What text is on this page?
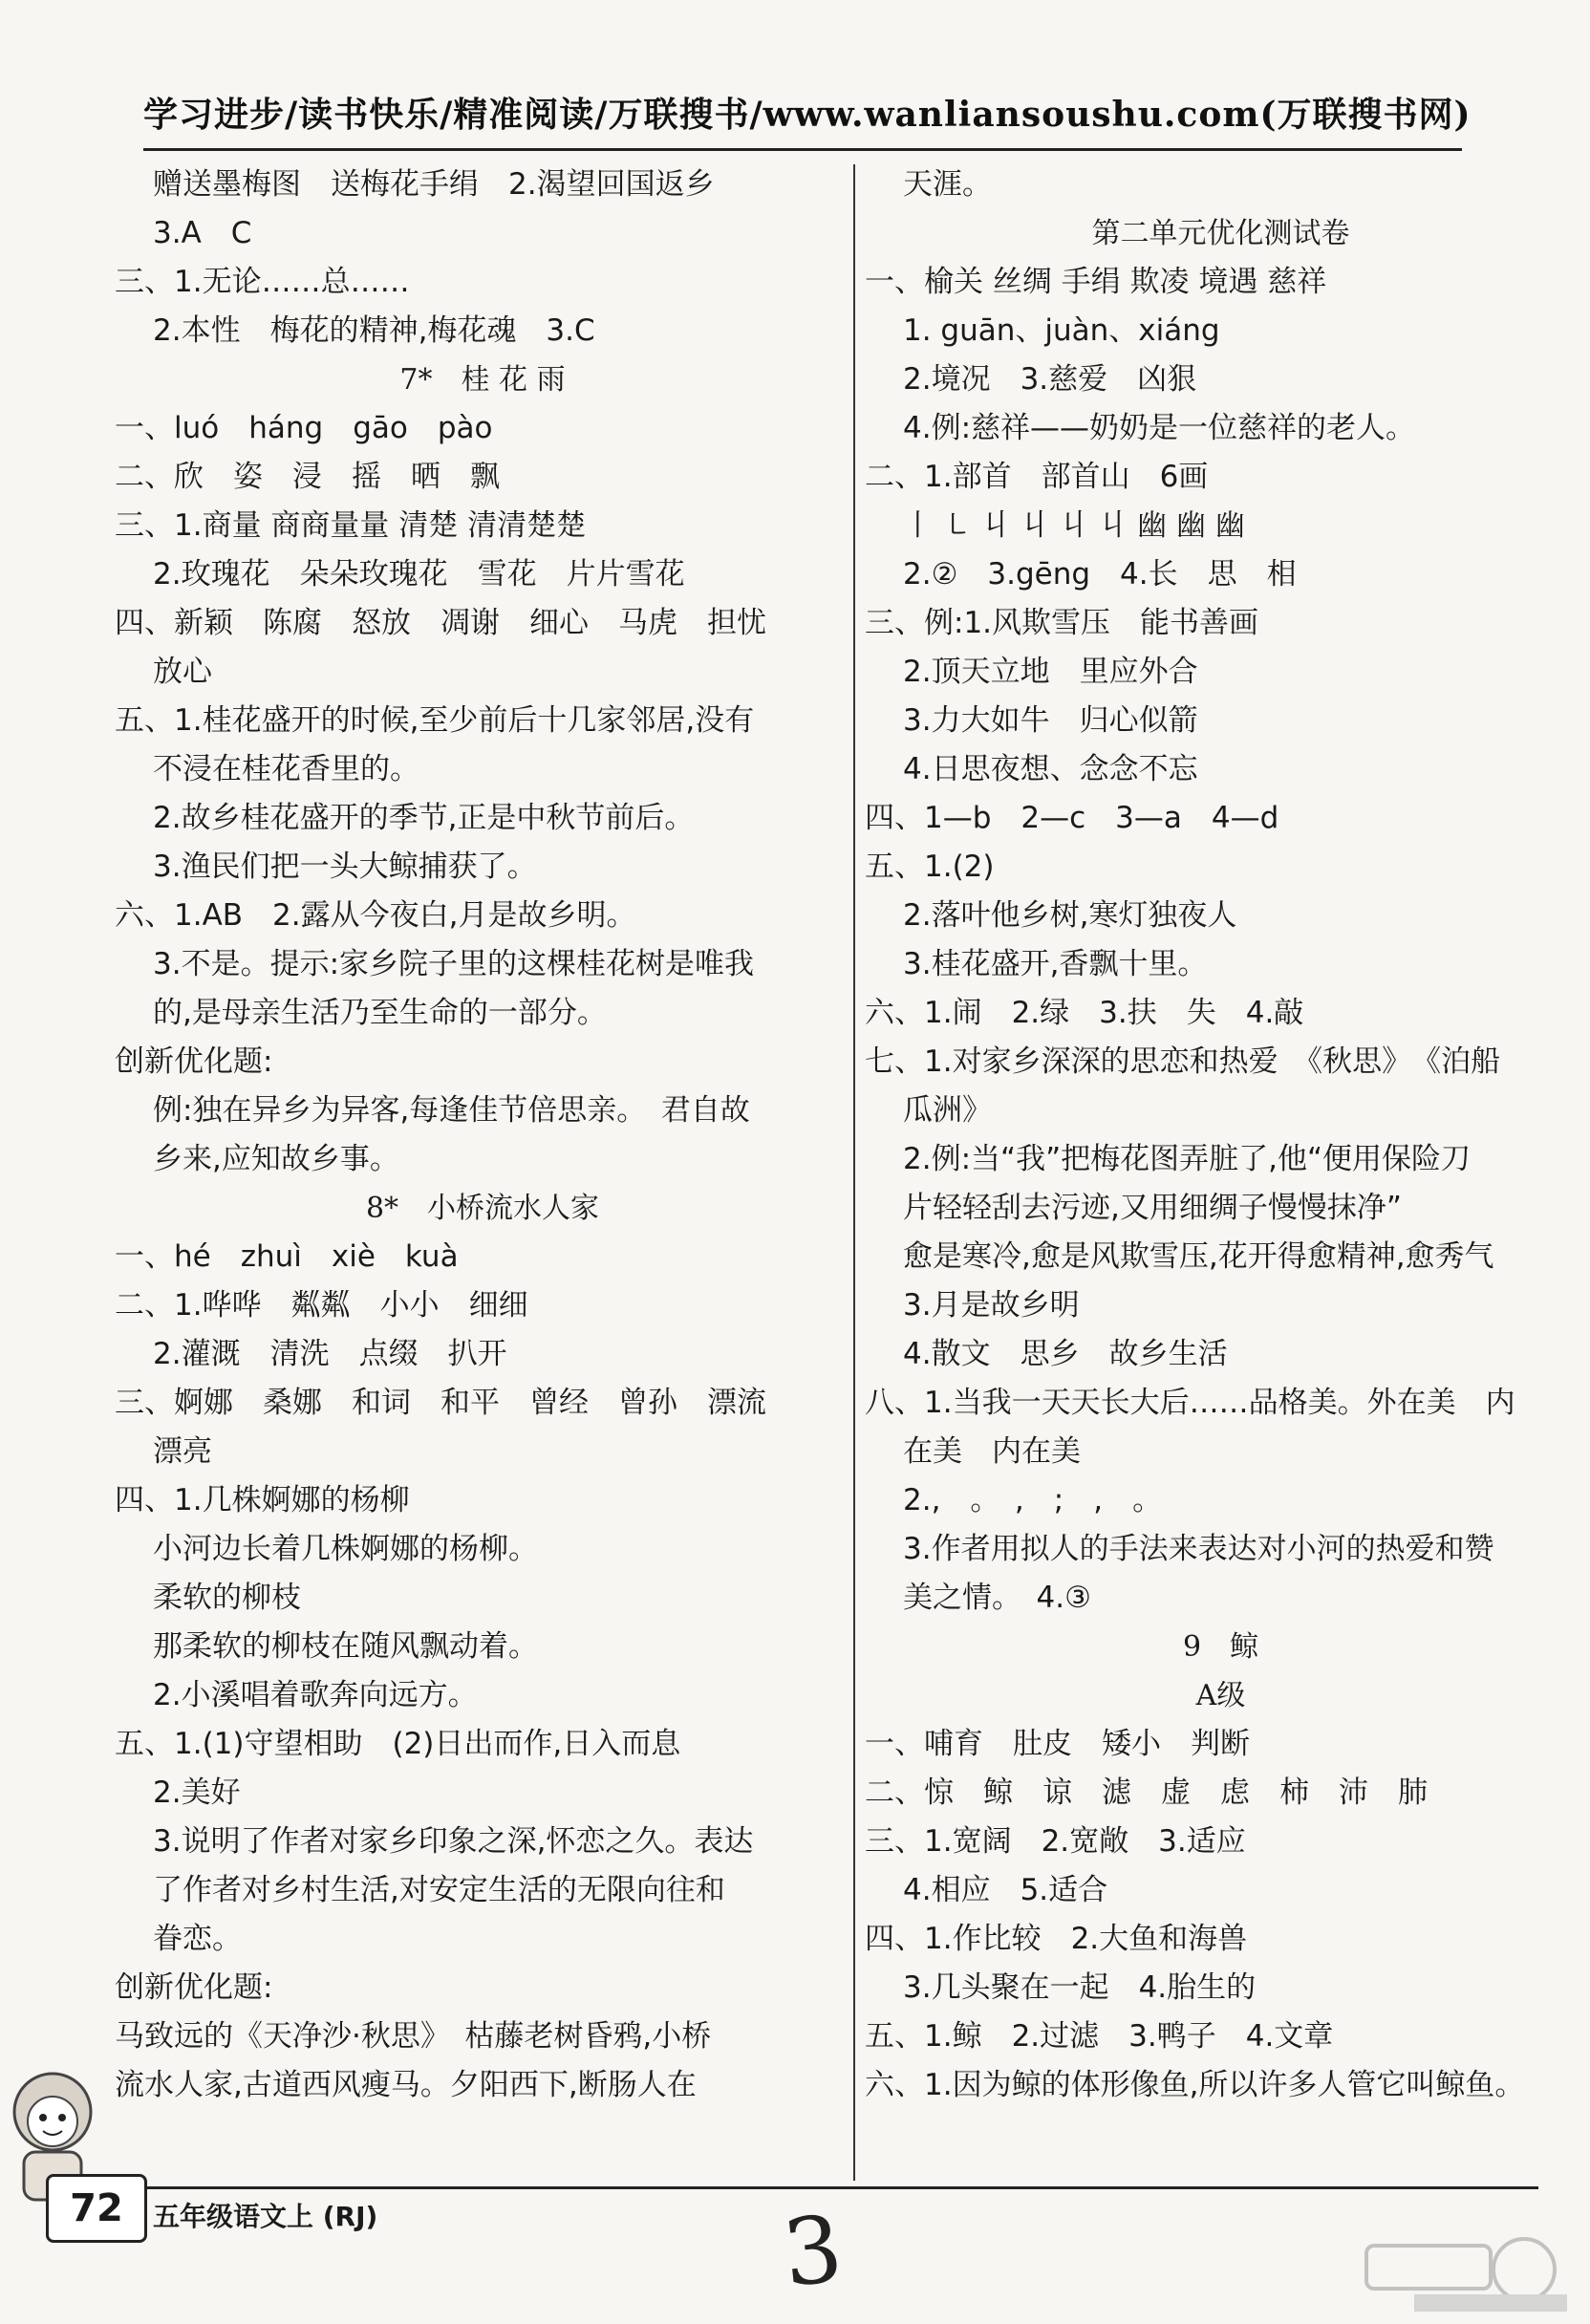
学习进步/读书快乐/精准阅读/万联搜书/www.wanliansoushu.com(万联搜书网)
赠送墨梅图　送梅花手绢　2.渴望回国返乡
3.A　C
三、1.无论……总……
2.本性　梅花的精神,梅花魂　3.C
7*　桂 花 雨
一、luó　háng　gāo　pào
二、欣　姿　浸　摇　晒　飘
三、1.商量 商商量量 清楚 清清楚楚
2.玫瑰花　朵朵玫瑰花　雪花　片片雪花
四、新颖　陈腐　怒放　凋谢　细心　马虎　担忧
放心
五、1.桂花盛开的时候,至少前后十几家邻居,没有
不浸在桂花香里的。
2.故乡桂花盛开的季节,正是中秋节前后。
3.渔民们把一头大鲸捕获了。
六、1.AB　2.露从今夜白,月是故乡明。
3.不是。提示:家乡院子里的这棵桂花树是唯我
的,是母亲生活乃至生命的一部分。
创新优化题:
例:独在异乡为异客,每逢佳节倍思亲。　君自故
乡来,应知故乡事。
8*　小桥流水人家
一、hé　zhuì　xiè　kuà
二、1.哗哗　粼粼　小小　细细
2.灌溉　清洗　点缀　扒开
三、婀娜　桑娜　和词　和平　曾经　曾孙　漂流
漂亮
四、1.几株婀娜的杨柳
小河边长着几株婀娜的杨柳。
柔软的柳枝
那柔软的柳枝在随风飘动着。
2.小溪唱着歌奔向远方。
五、1.(1)守望相助　(2)日出而作,日入而息
2.美好
3.说明了作者对家乡印象之深,怀恋之久。表达
了作者对乡村生活,对安定生活的无限向往和
眷恋。
创新优化题:
马致远的《天净沙·秋思》　枯藤老树昏鸦,小桥
流水人家,古道西风瘦马。夕阳西下,断肠人在
天涯。
第二单元优化测试卷
一、榆关 丝绸 手绢 欺凌 境遇 慈祥
1. guān、juàn、xiáng
2.境况　3.慈爱　凶狠
4.例:慈祥——奶奶是一位慈祥的老人。
二、1.部首　部首山　6画
丨 ㇄ 丩 丩 丩 丩 幽 幽 幽
2.②　3.gēng　4.长　思　相
三、例:1.风欺雪压　能书善画
2.顶天立地　里应外合
3.力大如牛　归心似箭
4.日思夜想、念念不忘
四、1—b　2—c　3—a　4—d
五、1.(2)
2.落叶他乡树,寒灯独夜人
3.桂花盛开,香飘十里。
六、1.闹　2.绿　3.扶　失　4.敲
七、1.对家乡深深的思恋和热爱　《秋思》　《泊船
瓜洲》
2.例:当“我”把梅花图弄脏了,他“便用保险刀
片轻轻刮去污迹,又用细绸子慢慢抹净”
愈是寒冷,愈是风欺雪压,花开得愈精神,愈秀气
3.月是故乡明
4.散文　思乡　故乡生活
八、1.当我一天天长大后……品格美。外在美　内
在美　内在美
2.,　。　,　;　,　。
3.作者用拟人的手法来表达对小河的热爱和赞
美之情。　4.③
9　鲸
A级
一、哺育　肚皮　矮小　判断
二、惊　鲸　谅　滤　虚　虑　柿　沛　肺
三、1.宽阔　2.宽敞　3.适应
4.相应　5.适合
四、1.作比较　2.大鱼和海兽
3.几头聚在一起　4.胎生的
五、1.鲸　2.过滤　3.鸭子　4.文章
六、1.因为鲸的体形像鱼,所以许多人管它叫鲸鱼。
72	五年级语文上 (RJ)	3
